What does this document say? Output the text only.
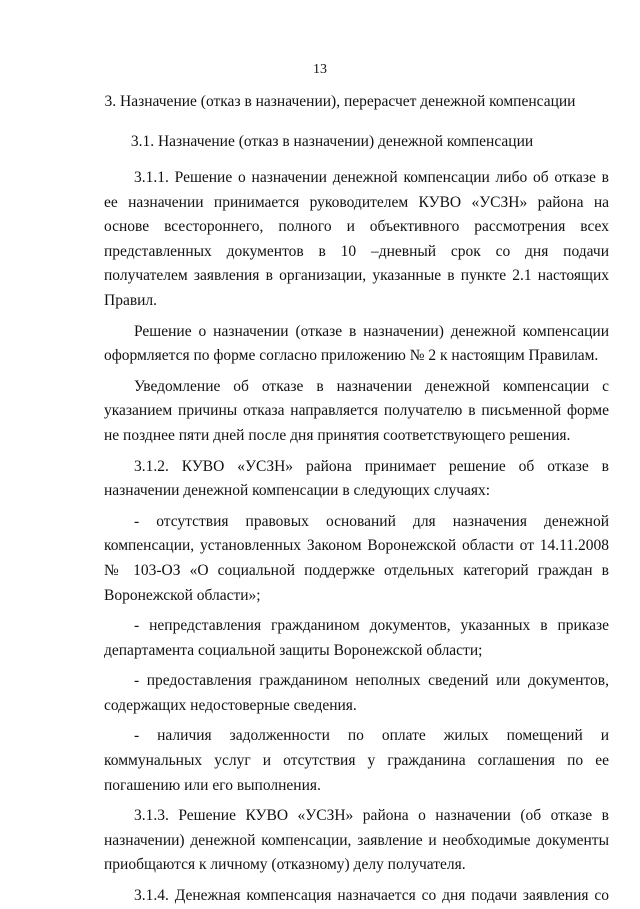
13
3. Назначение (отказ в назначении), перерасчет денежной компенсации
3.1. Назначение (отказ в назначении) денежной компенсации

3.1.1. Решение о назначении денежной компенсации либо об отказе в ее назначении принимается руководителем КУВО «УСЗН» района на основе всестороннего, полного и объективного рассмотрения всех представленных документов в 10 –дневный срок со дня подачи получателем заявления в организации, указанные в пункте 2.1 настоящих Правил.

Решение о назначении (отказе в назначении) денежной компенсации оформляется по форме согласно приложению № 2 к настоящим Правилам.

Уведомление об отказе в назначении денежной компенсации с указанием причины отказа направляется получателю в письменной форме не позднее пяти дней после дня принятия соответствующего решения.

3.1.2. КУВО «УСЗН» района принимает решение об отказе в назначении денежной компенсации в следующих случаях:

- отсутствия правовых оснований для назначения денежной компенсации, установленных Законом Воронежской области от 14.11.2008 № 103-ОЗ «О социальной поддержке отдельных категорий граждан в Воронежской области»;

- непредставления гражданином документов, указанных в приказе департамента социальной защиты Воронежской области;

- предоставления гражданином неполных сведений или документов, содержащих недостоверные сведения.

- наличия задолженности по оплате жилых помещений и коммунальных услуг и отсутствия у гражданина соглашения по ее погашению или его выполнения.

3.1.3. Решение КУВО «УСЗН» района о назначении (об отказе в назначении) денежной компенсации, заявление и необходимые документы приобщаются к личному (отказному) делу получателя.

3.1.4. Денежная компенсация назначается со дня подачи заявления со
